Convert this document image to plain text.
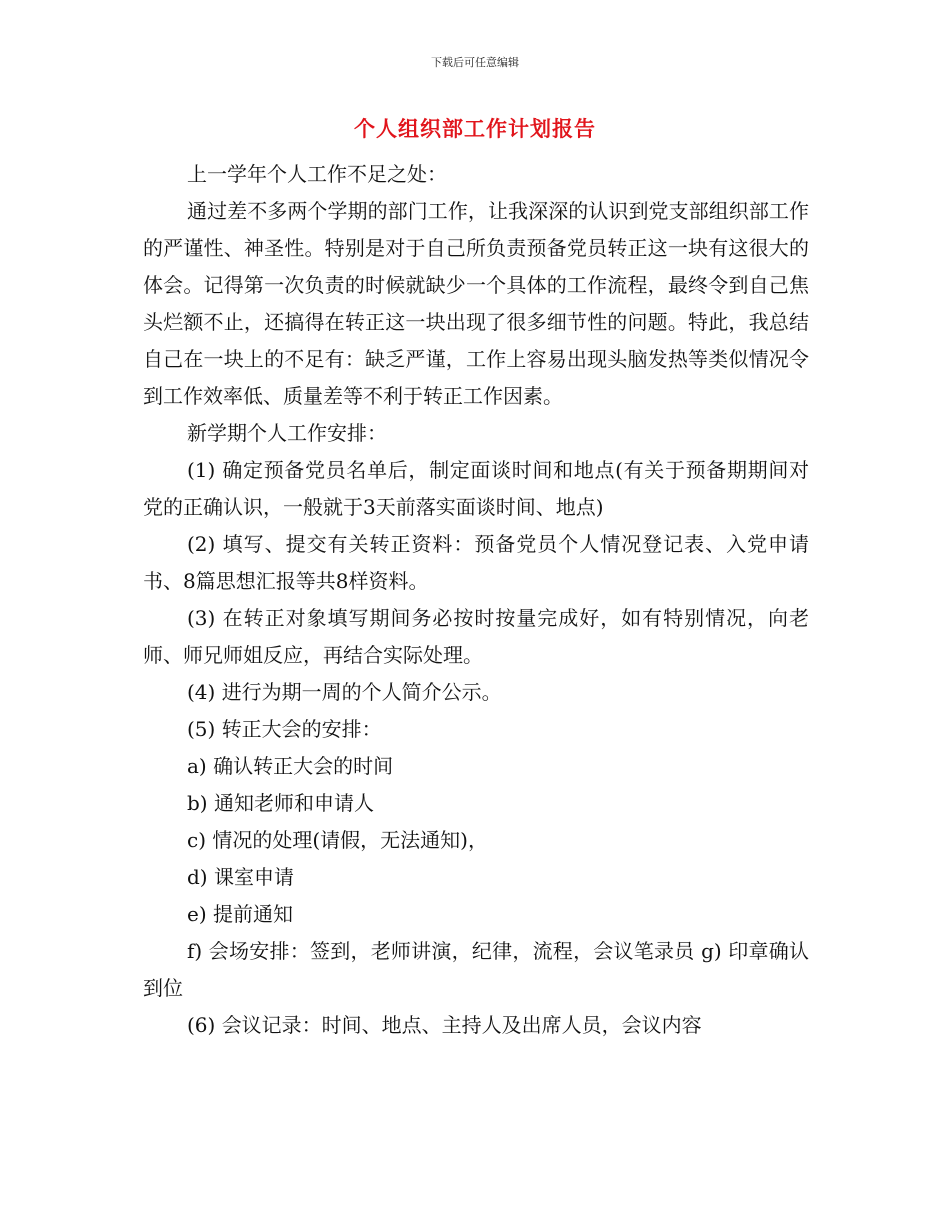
下载后可任意编辑
个人组织部工作计划报告

上一学年个人工作不足之处：

通过差不多两个学期的部门工作，让我深深的认识到党支部组织部工作的严谨性、神圣性。特别是对于自己所负责预备党员转正这一块有这很大的体会。记得第一次负责的时候就缺少一个具体的工作流程，最终令到自己焦头烂额不止，还搞得在转正这一块出现了很多细节性的问题。特此，我总结自己在一块上的不足有：缺乏严谨，工作上容易出现头脑发热等类似情况令到工作效率低、质量差等不利于转正工作因素。

新学期个人工作安排：

(1) 确定预备党员名单后，制定面谈时间和地点(有关于预备期期间对党的正确认识，一般就于3天前落实面谈时间、地点)

(2) 填写、提交有关转正资料：预备党员个人情况登记表、入党申请书、8篇思想汇报等共8样资料。

(3) 在转正对象填写期间务必按时按量完成好，如有特别情况，向老师、师兄师姐反应，再结合实际处理。

(4) 进行为期一周的个人简介公示。

(5) 转正大会的安排：

a) 确认转正大会的时间

b) 通知老师和申请人

c) 情况的处理(请假，无法通知)，

d) 课室申请

e) 提前通知

f) 会场安排：签到，老师讲演，纪律，流程，会议笔录员 g) 印章确认到位

(6) 会议记录：时间、地点、主持人及出席人员，会议内容
